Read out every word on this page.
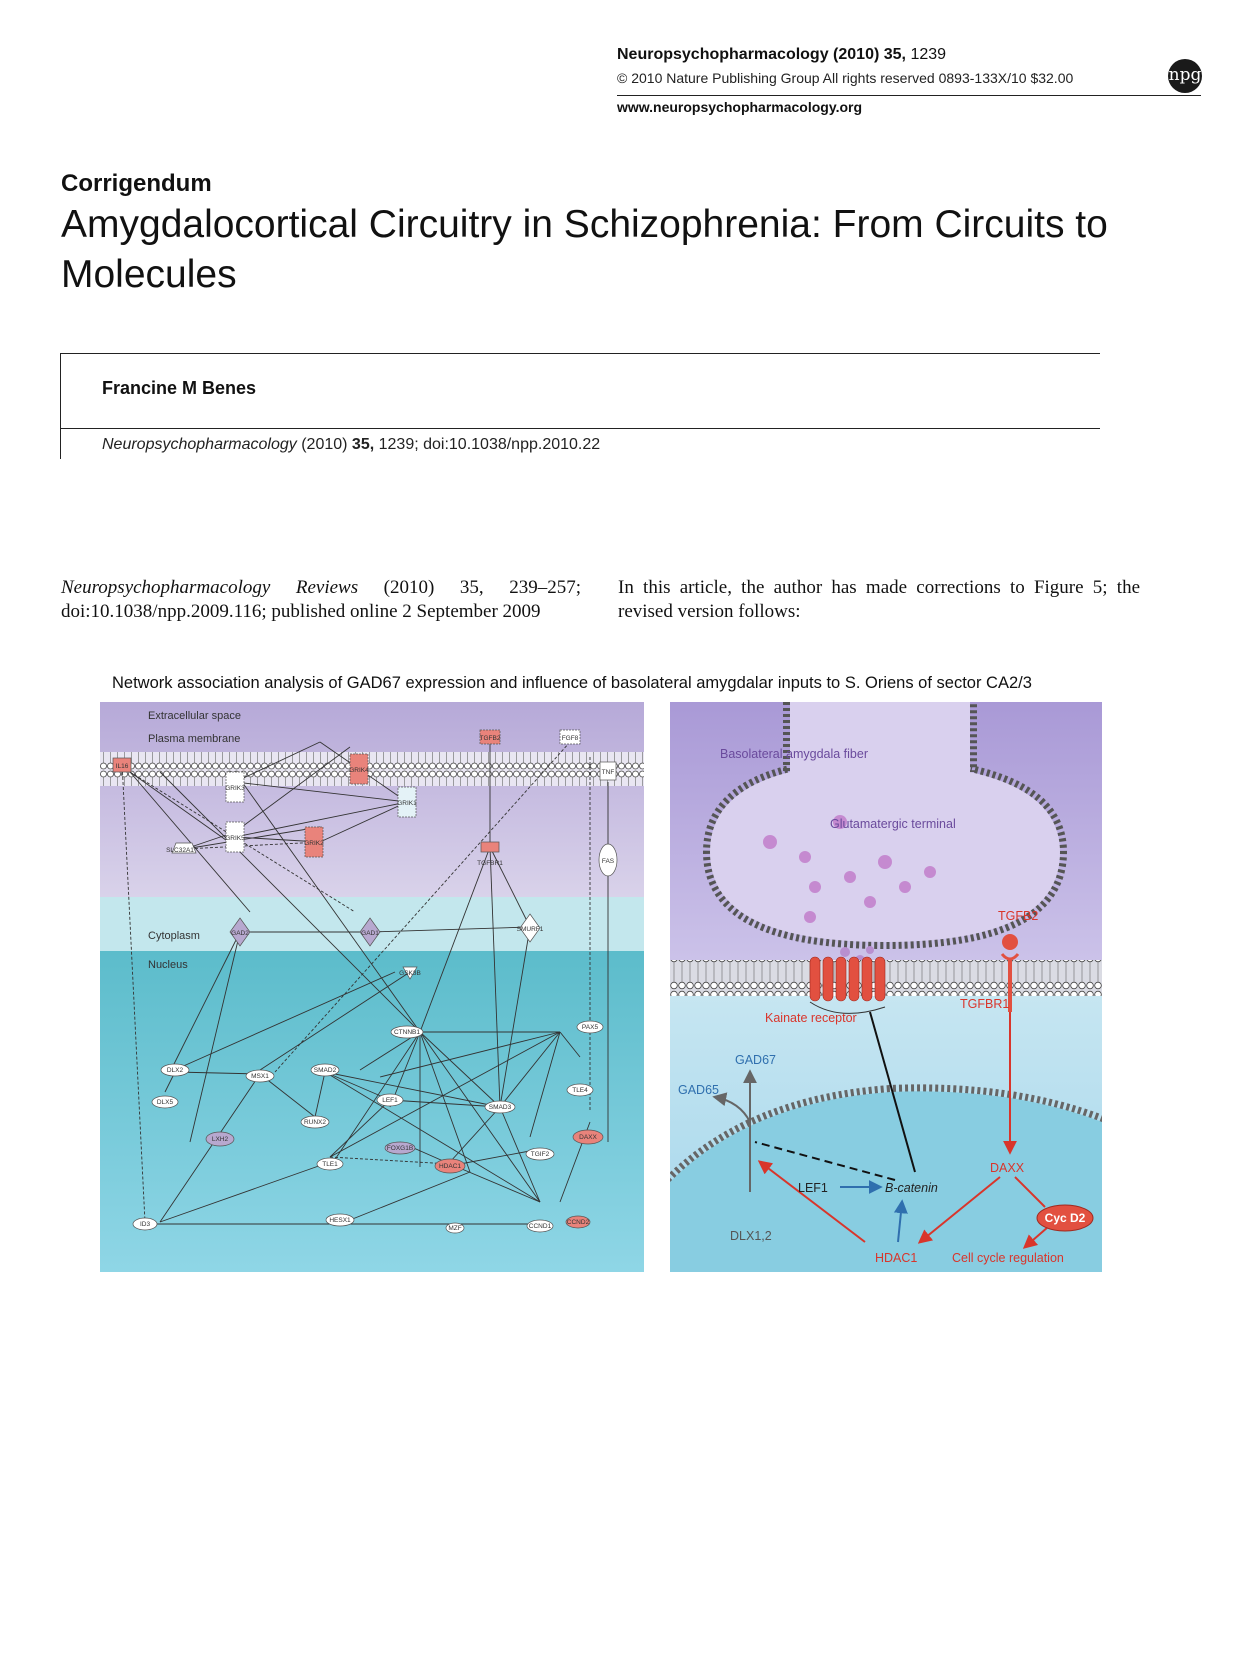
Neuropsychopharmacology (2010) 35, 1239
© 2010 Nature Publishing Group All rights reserved 0893-133X/10 $32.00
www.neuropsychopharmacology.org
npg
Corrigendum
Amygdalocortical Circuitry in Schizophrenia: From Circuits to Molecules
Francine M Benes
Neuropsychopharmacology (2010) 35, 1239; doi:10.1038/npp.2010.22
Neuropsychopharmacology Reviews (2010) 35, 239–257; doi:10.1038/npp.2009.116; published online 2 September 2009
In this article, the author has made corrections to Figure 5; the revised version follows:
Network association analysis of GAD67 expression and influence of basolateral amygdalar inputs to S. Oriens of sector CA2/3
Extracellular space
Plasma membrane
Cytoplasm
Nucleus
IL16
TGFB2	FGF8
TNF
GRIK3
GRIK4
GRIK1
GRIK5
GRIK2
SLC32A1
FAS
TGFBR1
GAD2	GAD1
SMURF1
GSK3B
CTNNB1
PAX5
DLX2
MSX1
SMAD2
LEF1
SMAD3
TLE4
DLX5
RUNX2
LXH2
FOXG1B
DAXX
TLE1	HDAC1
TGIF2
ID3
HESX1
MZF	CCND1
CCND2
Basolateral amygdala fiber
Glutamatergic terminal
Kainate receptor
TGFB2
TGFBR1
Cyc D2
GAD67
GAD65
LEF1	B-catenin
DAXX
DLX1,2
HDAC1	Cell cycle regulation
